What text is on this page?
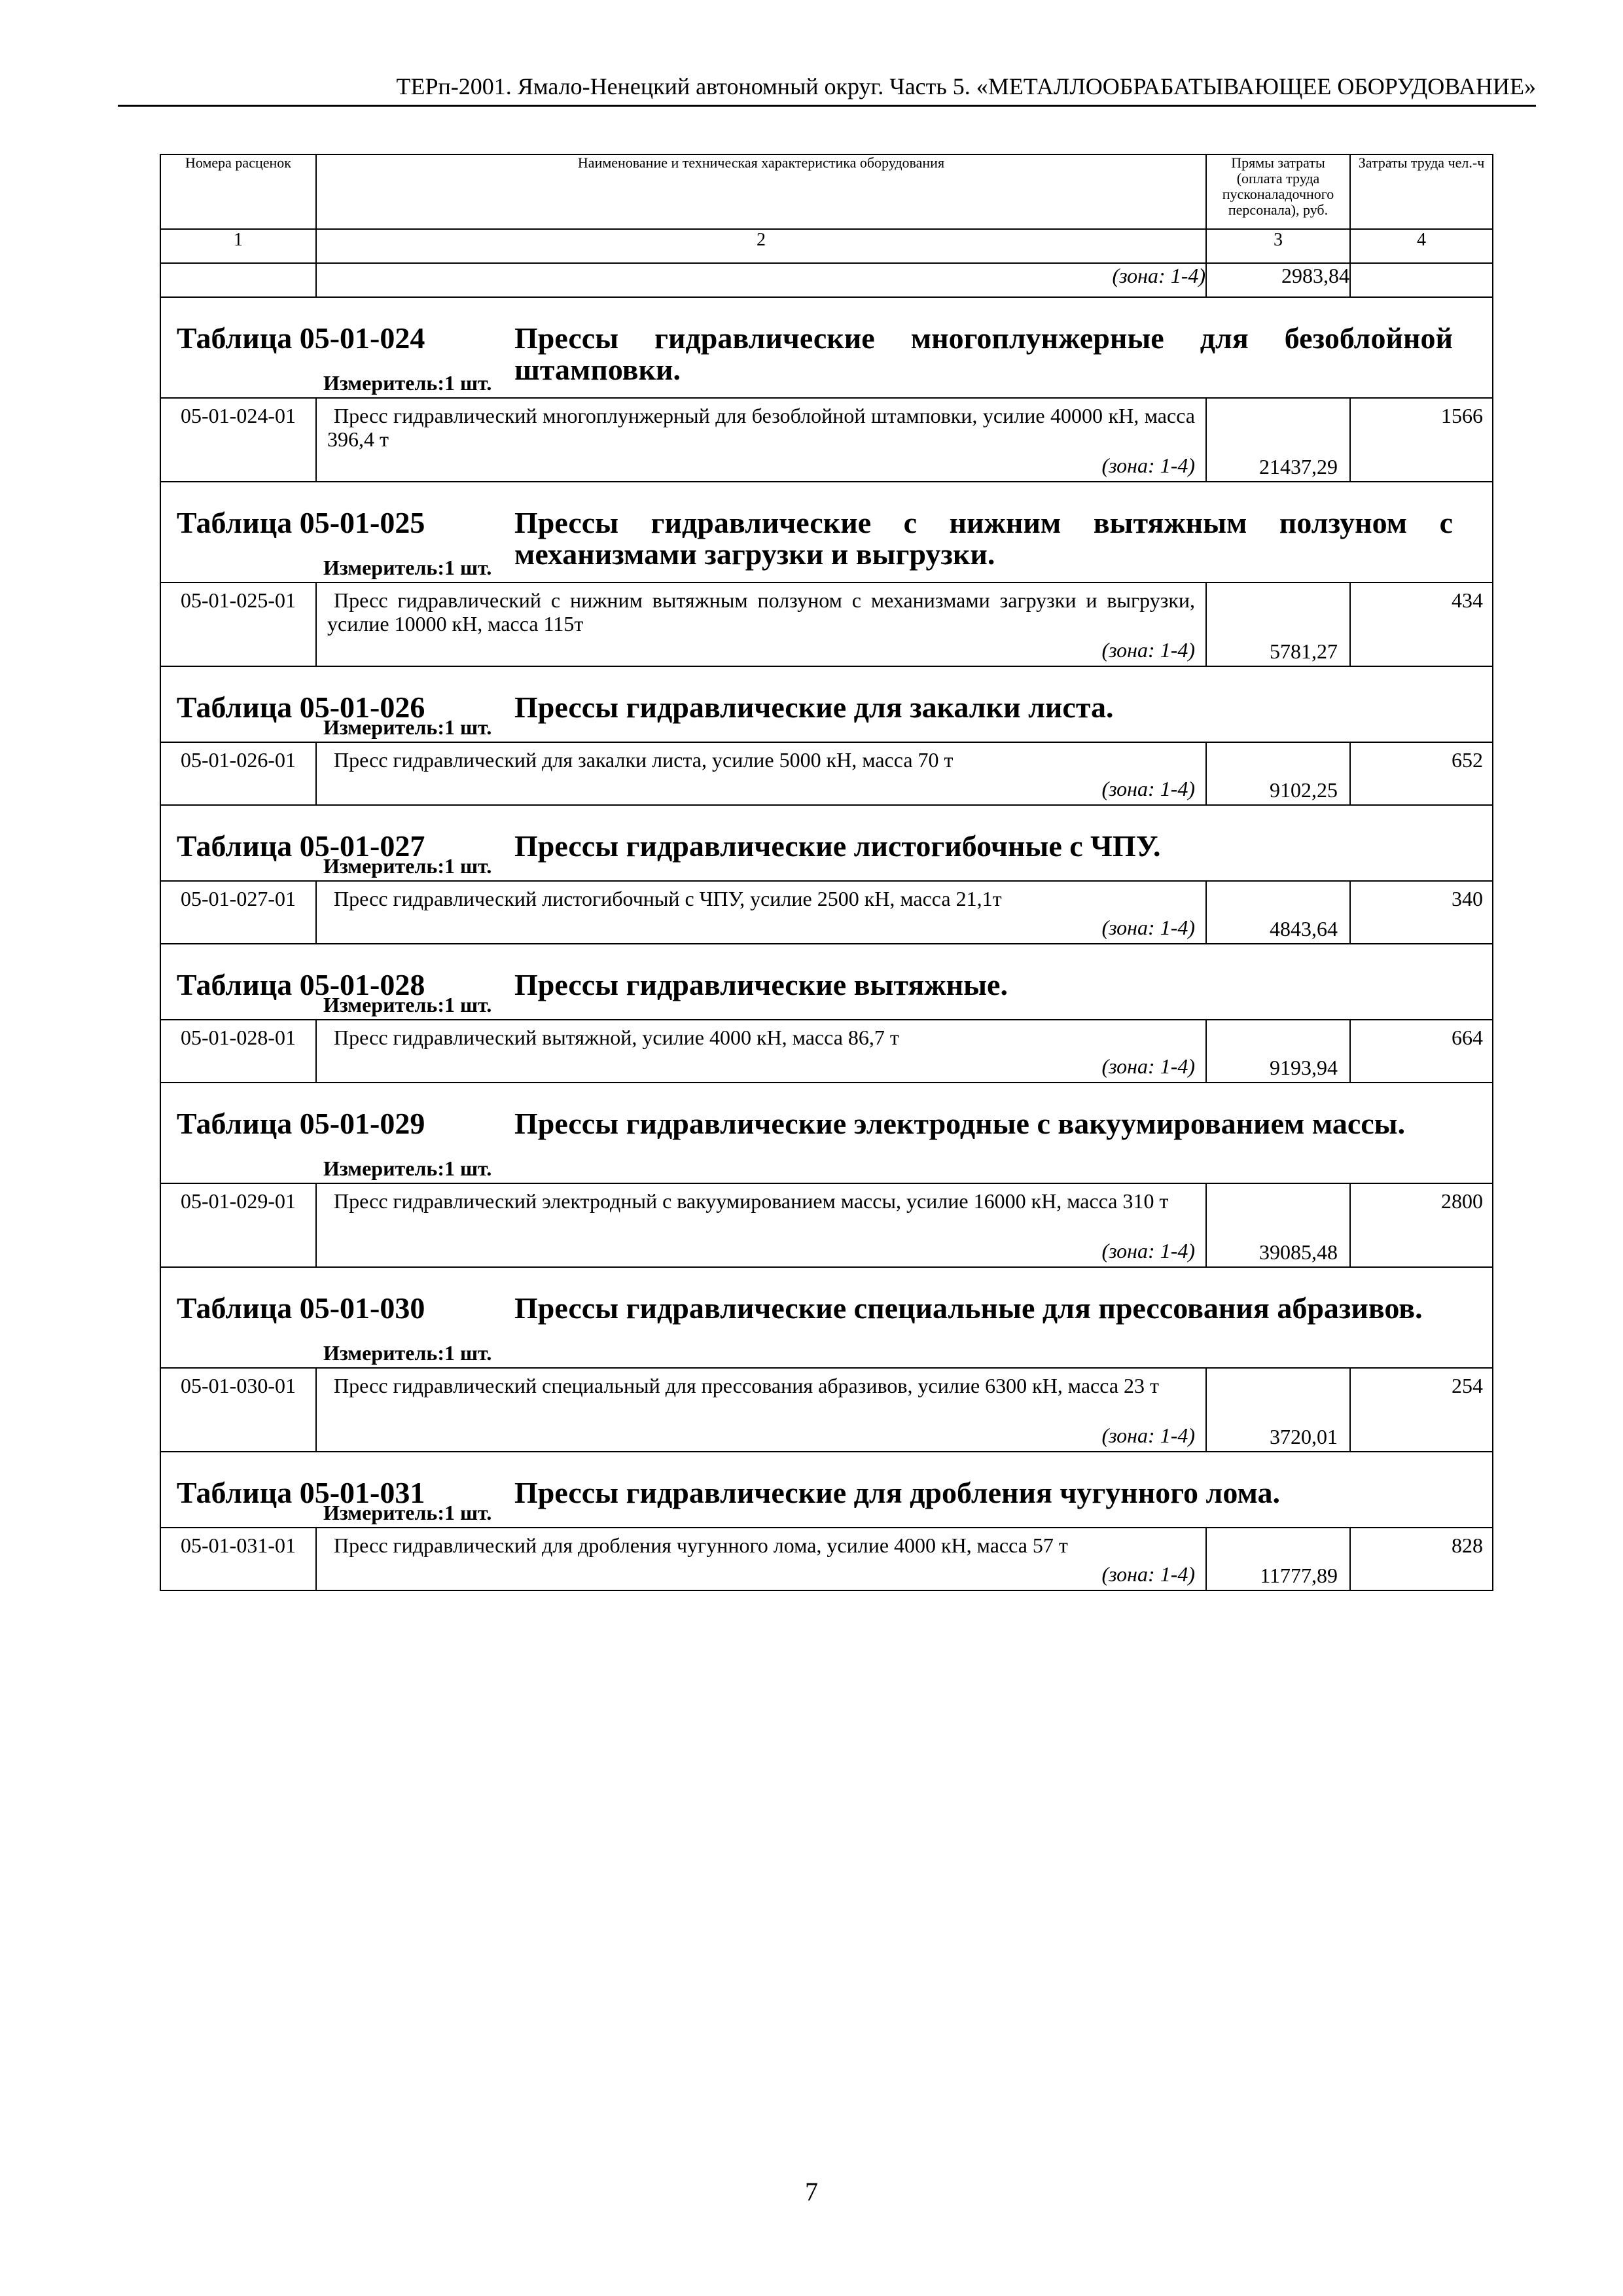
ТЕРп-2001. Ямало-Ненецкий автономный округ. Часть 5. «МЕТАЛЛООБРАБАТЫВАЮЩЕЕ ОБОРУДОВАНИЕ»
Номера расценок	Наименование и техническая характеристика оборудования	Прямы затраты (оплата труда пусконаладочного персонала), руб.	Затраты труда чел.-ч
1	2	3	4
	(зона: 1-4)	2983,84	

Таблица 05-01-024 Прессы гидравлические многоплунжерные для безоблойной штамповки.
Измеритель:1 шт.			

05-01-024-01	Пресс гидравлический многоплунжерный для безоблойной штамповки, усилие 40000 кН, масса 396,4 т
(зона: 1-4)	21437,29	1566

Таблица 05-01-025 Прессы гидравлические с нижним вытяжным ползуном с механизмами загрузки и выгрузки.
Измеритель:1 шт.			

05-01-025-01	Пресс гидравлический с нижним вытяжным ползуном с механизмами загрузки и выгрузки, усилие 10000 кН, масса 115т
(зона: 1-4)	5781,27	434

Таблица 05-01-026 Прессы гидравлические для закалки листа.
Измеритель:1 шт.			

05-01-026-01	Пресс гидравлический для закалки листа, усилие 5000 кН, масса 70 т
(зона: 1-4)	9102,25	652

Таблица 05-01-027 Прессы гидравлические листогибочные с ЧПУ.
Измеритель:1 шт.			

05-01-027-01	Пресс гидравлический листогибочный с ЧПУ, усилие 2500 кН, масса 21,1т
(зона: 1-4)	4843,64	340

Таблица 05-01-028 Прессы гидравлические вытяжные.
Измеритель:1 шт.			

05-01-028-01	Пресс гидравлический вытяжной, усилие 4000 кН, масса 86,7 т
(зона: 1-4)	9193,94	664

Таблица 05-01-029 Прессы гидравлические электродные с вакуумированием массы.
Измеритель:1 шт.			

05-01-029-01	Пресс гидравлический электродный с вакуумированием массы, усилие 16000 кН, масса 310 т
(зона: 1-4)	39085,48	2800

Таблица 05-01-030 Прессы гидравлические специальные для прессования абразивов.
Измеритель:1 шт.			

05-01-030-01	Пресс гидравлический специальный для прессования абразивов, усилие 6300 кН, масса 23 т
(зона: 1-4)	3720,01	254

Таблица 05-01-031 Прессы гидравлические для дробления чугунного лома.
Измеритель:1 шт.			

05-01-031-01	Пресс гидравлический для дробления чугунного лома, усилие 4000 кН, масса 57 т
(зона: 1-4)	11777,89	828
7
